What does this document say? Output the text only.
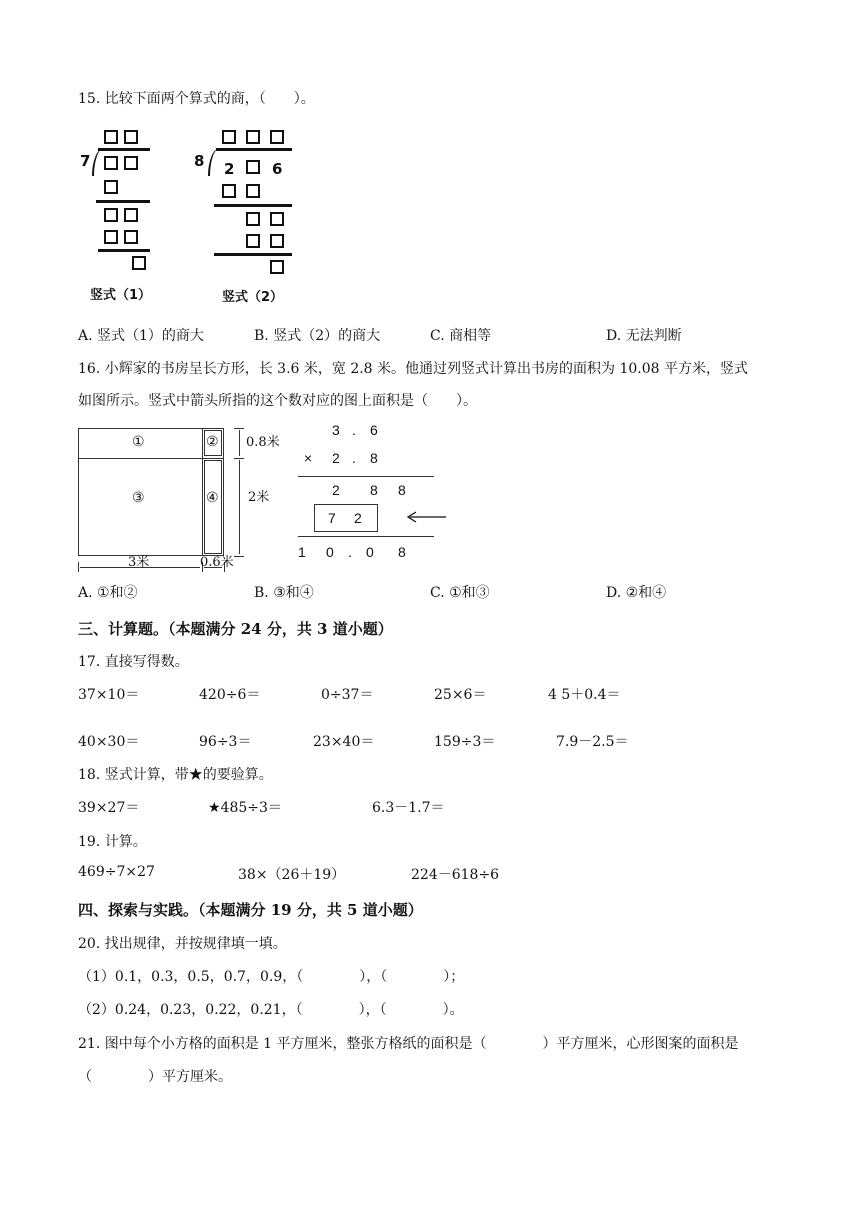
15. 比较下面两个算式的商，（　　）。
7
竖式（1）
8 2	6
竖式（2）
A. 竖式（1）的商大	B. 竖式（2）的商大	C. 商相等	D. 无法判断
16. 小辉家的书房呈长方形，长 3.6 米，宽 2.8 米。他通过列竖式计算出书房的面积为 10.08 平方米，竖式
如图所示。竖式中箭头所指的这个数对应的图上面积是（　　）。
①	②
③	④
0.8米
2米
3米	0.6米
3 . 6
× 2 . 8
2 8 8
7 2
1 0 . 0 8
A. ①和②	B. ③和④	C. ①和③	D. ②和④
三、计算题。（本题满分 24 分，共 3 道小题）
17. 直接写得数。
37×10＝	420÷6＝	0÷37＝	25×6＝	4 5＋0.4＝
40×30＝	96÷3＝	23×40＝	159÷3＝	7.9－2.5＝
18. 竖式计算，带★的要验算。
39×27＝	★485÷3＝	6.3－1.7＝
19. 计算。
469÷7×27	38×（26＋19）	224－618÷6
四、探索与实践。（本题满分 19 分，共 5 道小题）
20. 找出规律，并按规律填一填。
（1）0.1，0.3，0.5，0.7，0.9，（　　　　），（　　　　）；
（2）0.24，0.23，0.22，0.21，（　　　　），（　　　　）。
21. 图中每个小方格的面积是 1 平方厘米，整张方格纸的面积是（　　　　）平方厘米，心形图案的面积是
（　　　　）平方厘米。
